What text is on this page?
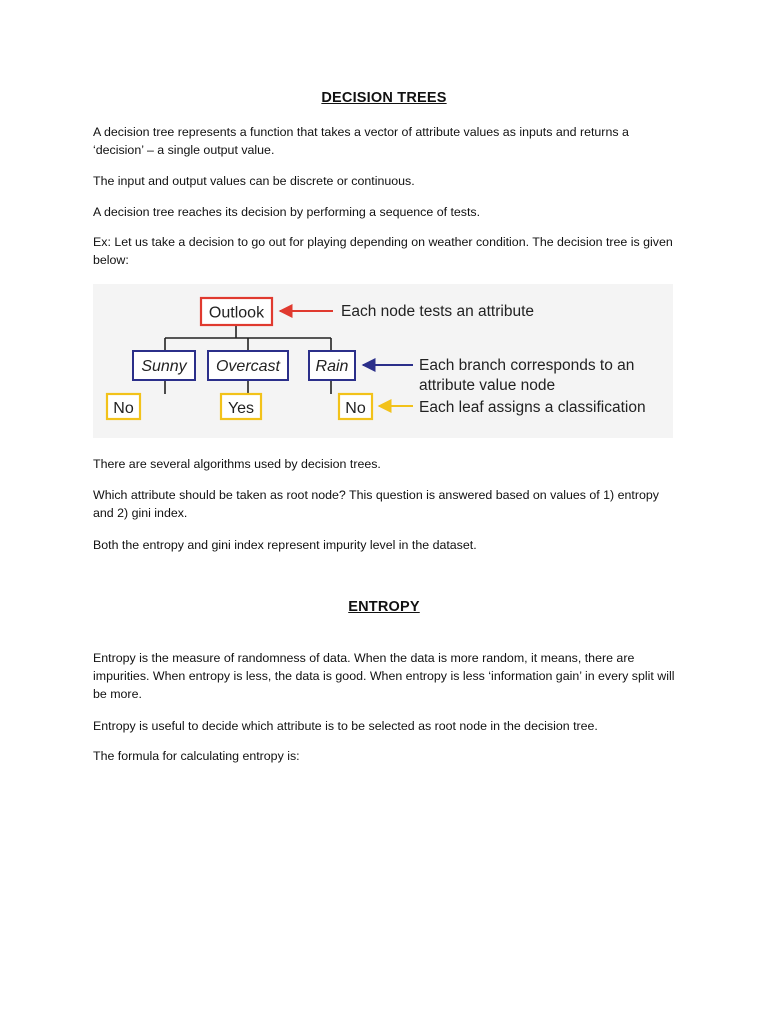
DECISION TREES
A decision tree represents a function that takes a vector of attribute values as inputs and returns a ‘decision’ – a single output value.
The input and output values can be discrete or continuous.
A decision tree reaches its decision by performing a sequence of tests.
Ex: Let us take a decision to go out for playing depending on weather condition. The decision tree is given below:
Outlook
Sunny Overcast Rain
No	Yes	No
Each node tests an attribute
Each branch corresponds to an
attribute value node
Each leaf assigns a classification
There are several algorithms used by decision trees.
Which attribute should be taken as root node? This question is answered based on values of 1) entropy and 2) gini index.
Both the entropy and gini index represent impurity level in the dataset.
ENTROPY
Entropy is the measure of randomness of data. When the data is more random, it means, there are impurities. When entropy is less, the data is good. When entropy is less ‘information gain’ in every split will be more.
Entropy is useful to decide which attribute is to be selected as root node in the decision tree.
The formula for calculating entropy is:
